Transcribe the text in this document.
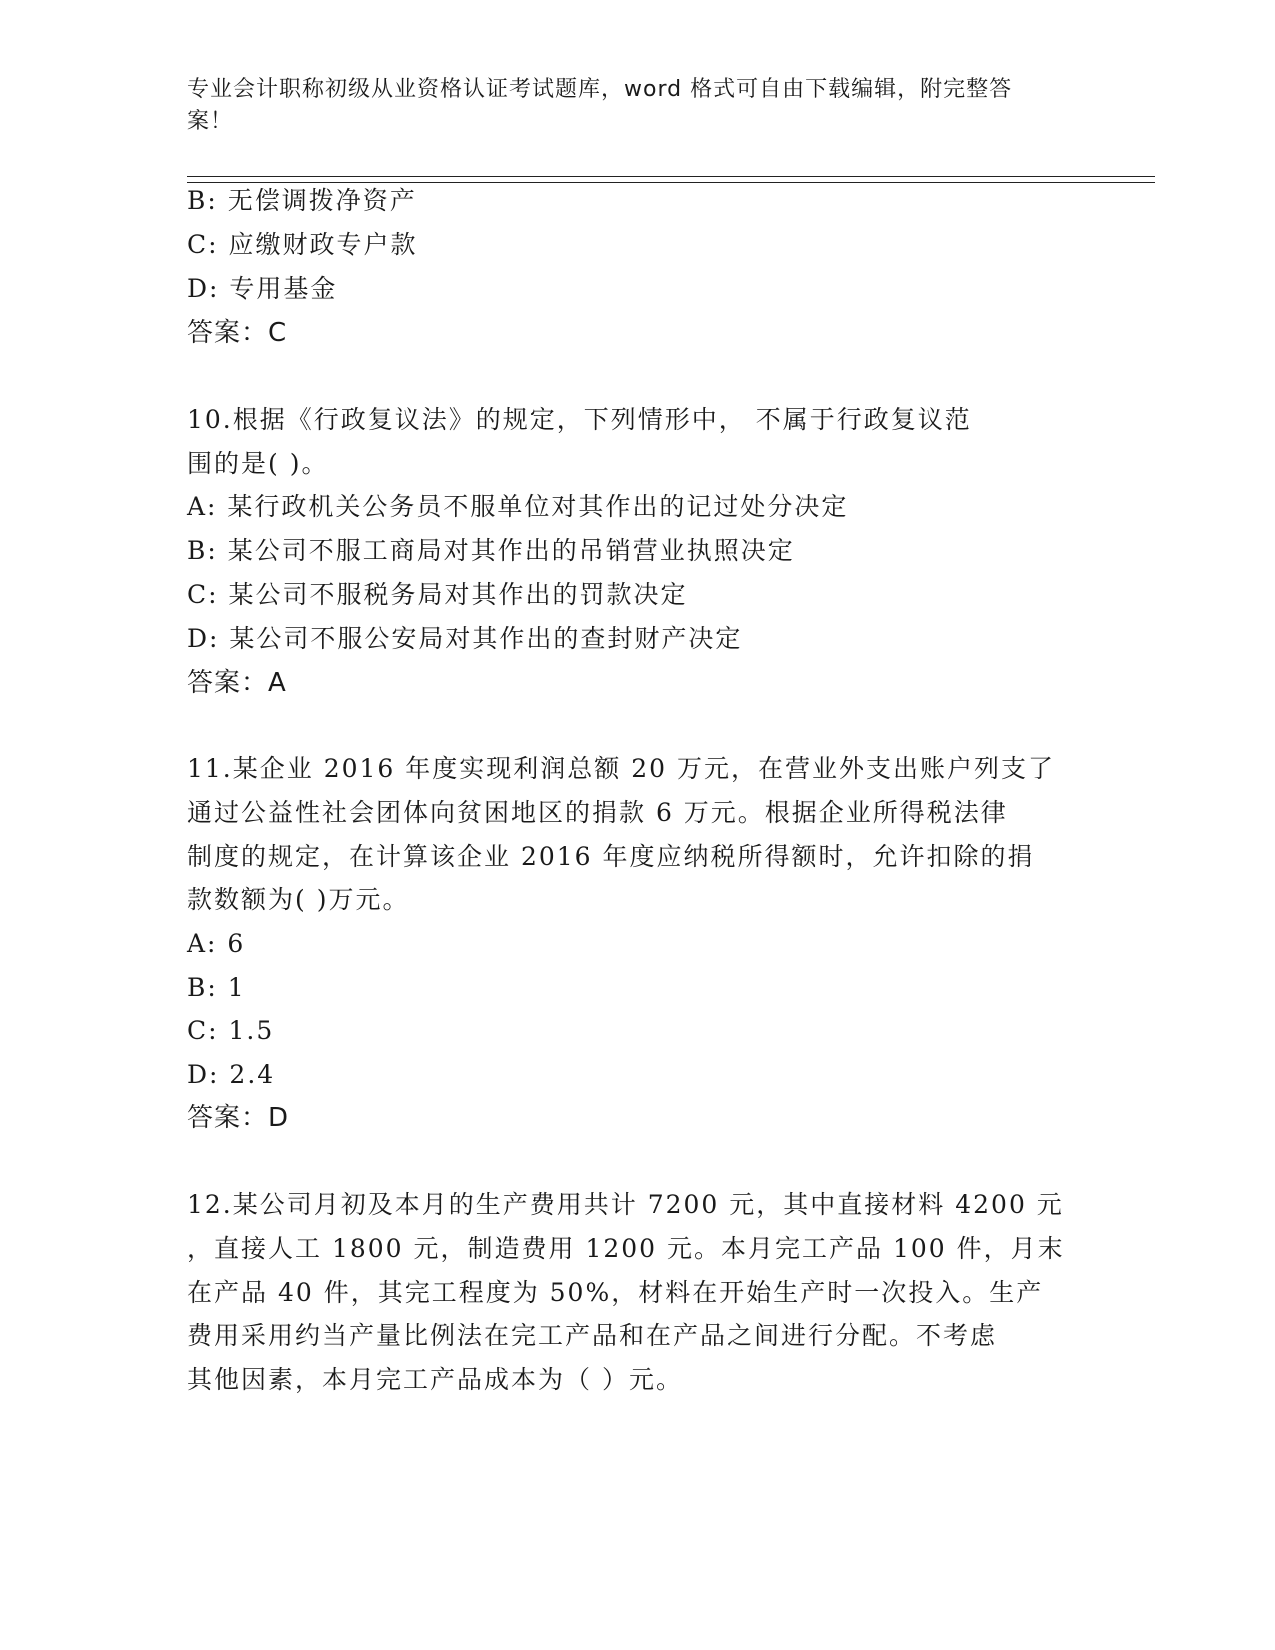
专业会计职称初级从业资格认证考试题库，word 格式可自由下载编辑，附完整答
案！
B: 无偿调拨净资产
C: 应缴财政专户款
D: 专用基金
答案：C
10.根据《行政复议法》的规定，下列情形中， 不属于行政复议范
围的是( )。
A: 某行政机关公务员不服单位对其作出的记过处分决定
B: 某公司不服工商局对其作出的吊销营业执照决定
C: 某公司不服税务局对其作出的罚款决定
D: 某公司不服公安局对其作出的查封财产决定
答案：A
11.某企业 2016 年度实现利润总额 20 万元，在营业外支出账户列支了
通过公益性社会团体向贫困地区的捐款 6 万元。根据企业所得税法律
制度的规定，在计算该企业 2016 年度应纳税所得额时，允许扣除的捐
款数额为( )万元。
A: 6
B: 1
C: 1.5
D: 2.4
答案：D
12.某公司月初及本月的生产费用共计 7200 元，其中直接材料 4200 元
，直接人工 1800 元，制造费用 1200 元。本月完工产品 100 件，月末
在产品 40 件，其完工程度为 50%，材料在开始生产时一次投入。生产
费用采用约当产量比例法在完工产品和在产品之间进行分配。不考虑
其他因素，本月完工产品成本为（ ）元。
